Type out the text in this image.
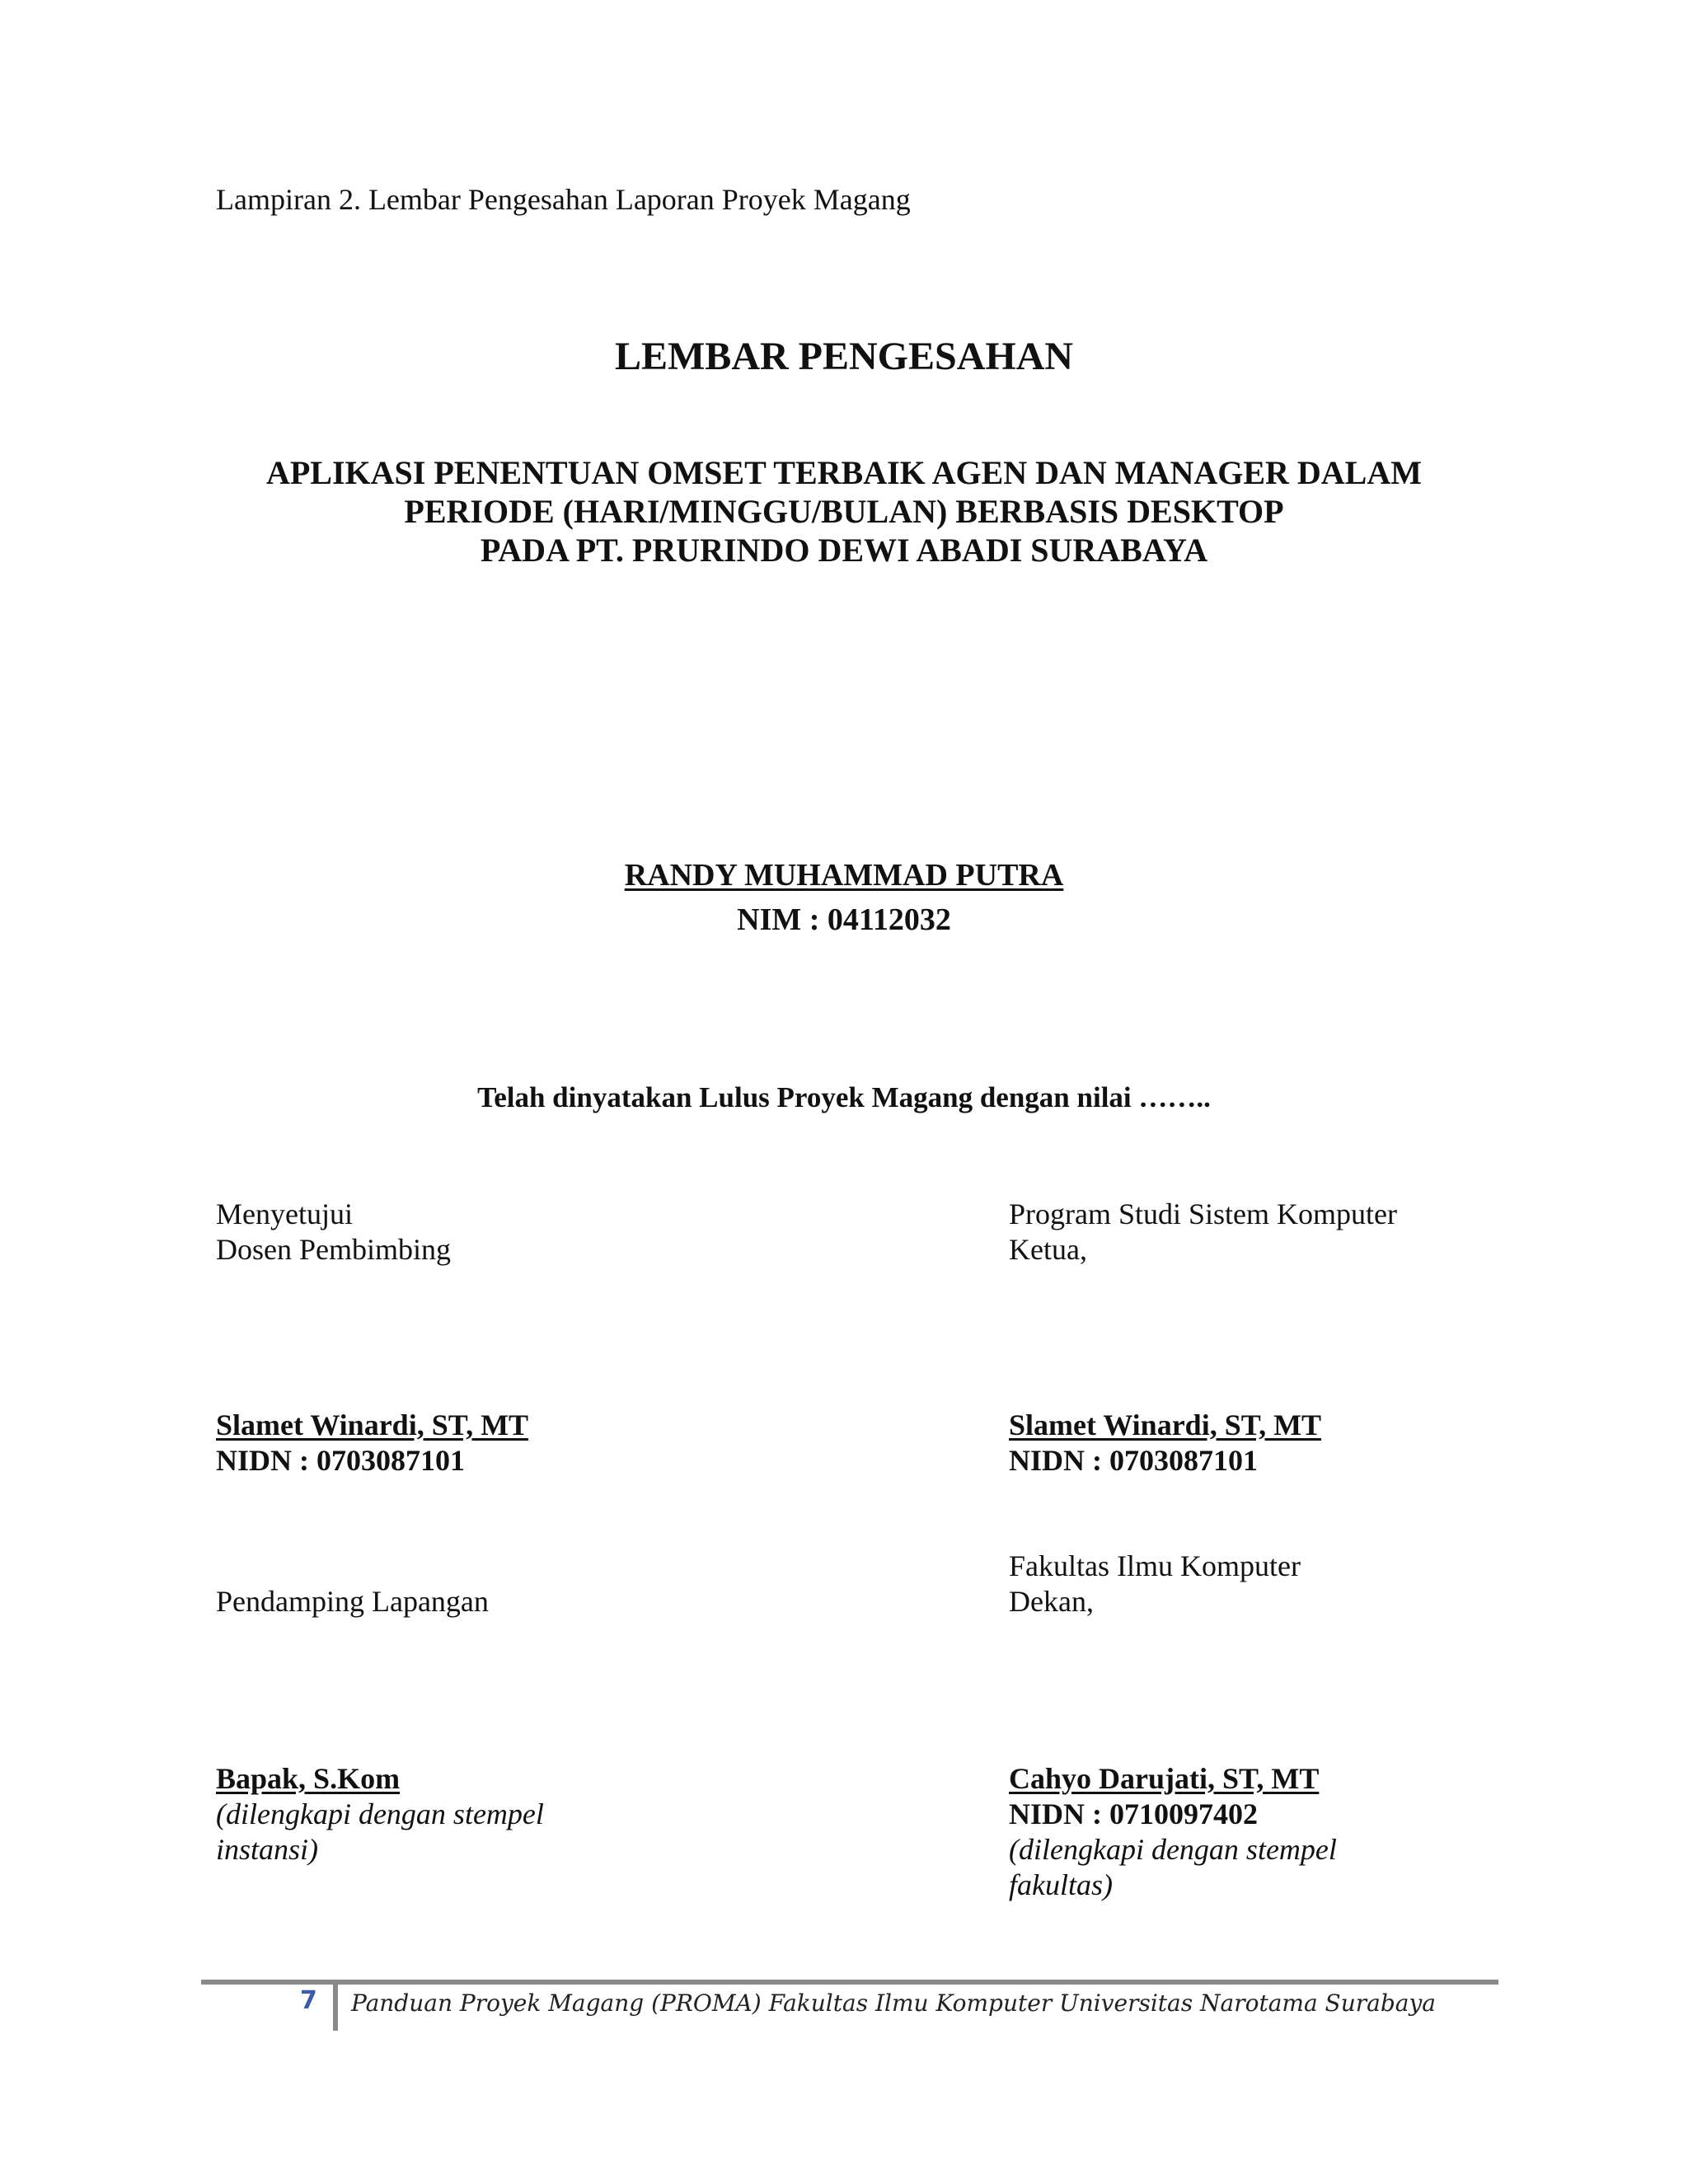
Lampiran 2. Lembar Pengesahan Laporan Proyek Magang
LEMBAR PENGESAHAN
APLIKASI PENENTUAN OMSET TERBAIK AGEN DAN MANAGER DALAM
PERIODE (HARI/MINGGU/BULAN) BERBASIS DESKTOP
PADA PT. PRURINDO DEWI ABADI SURABAYA
RANDY MUHAMMAD PUTRA
NIM : 04112032
Telah dinyatakan Lulus Proyek Magang dengan nilai ……..
Menyetujui
Dosen Pembimbing
Slamet Winardi, ST, MT
NIDN : 0703087101
Program Studi Sistem Komputer
Ketua,
Slamet Winardi, ST, MT
NIDN : 0703087101
Pendamping Lapangan
Bapak, S.Kom
(dilengkapi dengan stempel
instansi)
Fakultas Ilmu Komputer
Dekan,
Cahyo Darujati, ST, MT
NIDN : 0710097402
(dilengkapi dengan stempel
fakultas)
7 Panduan Proyek Magang (PROMA) Fakultas Ilmu Komputer Universitas Narotama Surabaya
